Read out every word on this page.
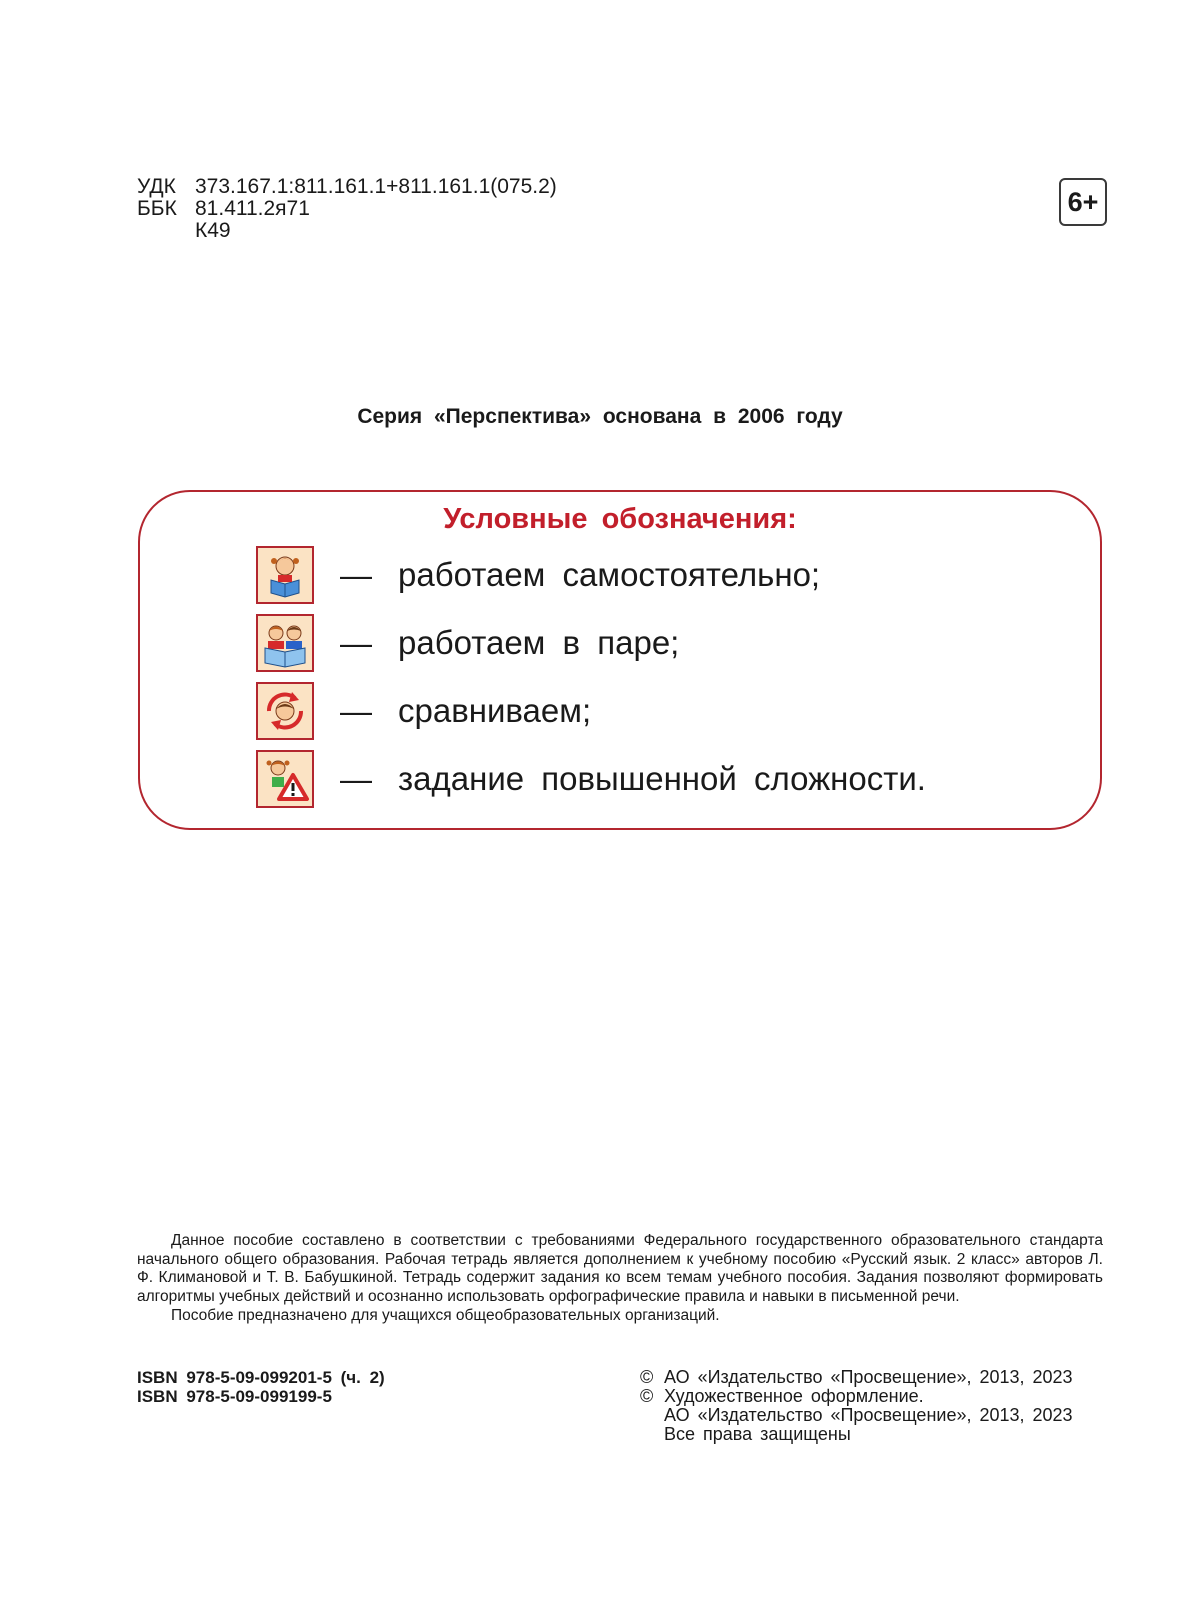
УДК 373.167.1:811.161.1+811.161.1(075.2)
ББК 81.411.2я71
К49
6+
Серия «Перспектива» основана в 2006 году
Условные обозначения:
— работаем самостоятельно;
— работаем в паре;
— сравниваем;
— задание повышенной сложности.

Данное пособие составлено в соответствии с требованиями Федерального государственного образовательного стандарта начального общего образования. Рабочая тетрадь является дополнением к учебному пособию «Русский язык. 2 класс» авторов Л. Ф. Климановой и Т. В. Бабушкиной. Тетрадь содержит задания ко всем темам учебного пособия. Задания позволяют формировать алгоритмы учебных действий и осознанно использовать орфографические правила и навыки в письменной речи.

Пособие предназначено для учащихся общеобразовательных организаций.

ISBN 978-5-09-099201-5 (ч. 2)
ISBN 978-5-09-099199-5
© АО «Издательство «Просвещение», 2013, 2023
© Художественное оформление.
АО «Издательство «Просвещение», 2013, 2023
Все права защищены
